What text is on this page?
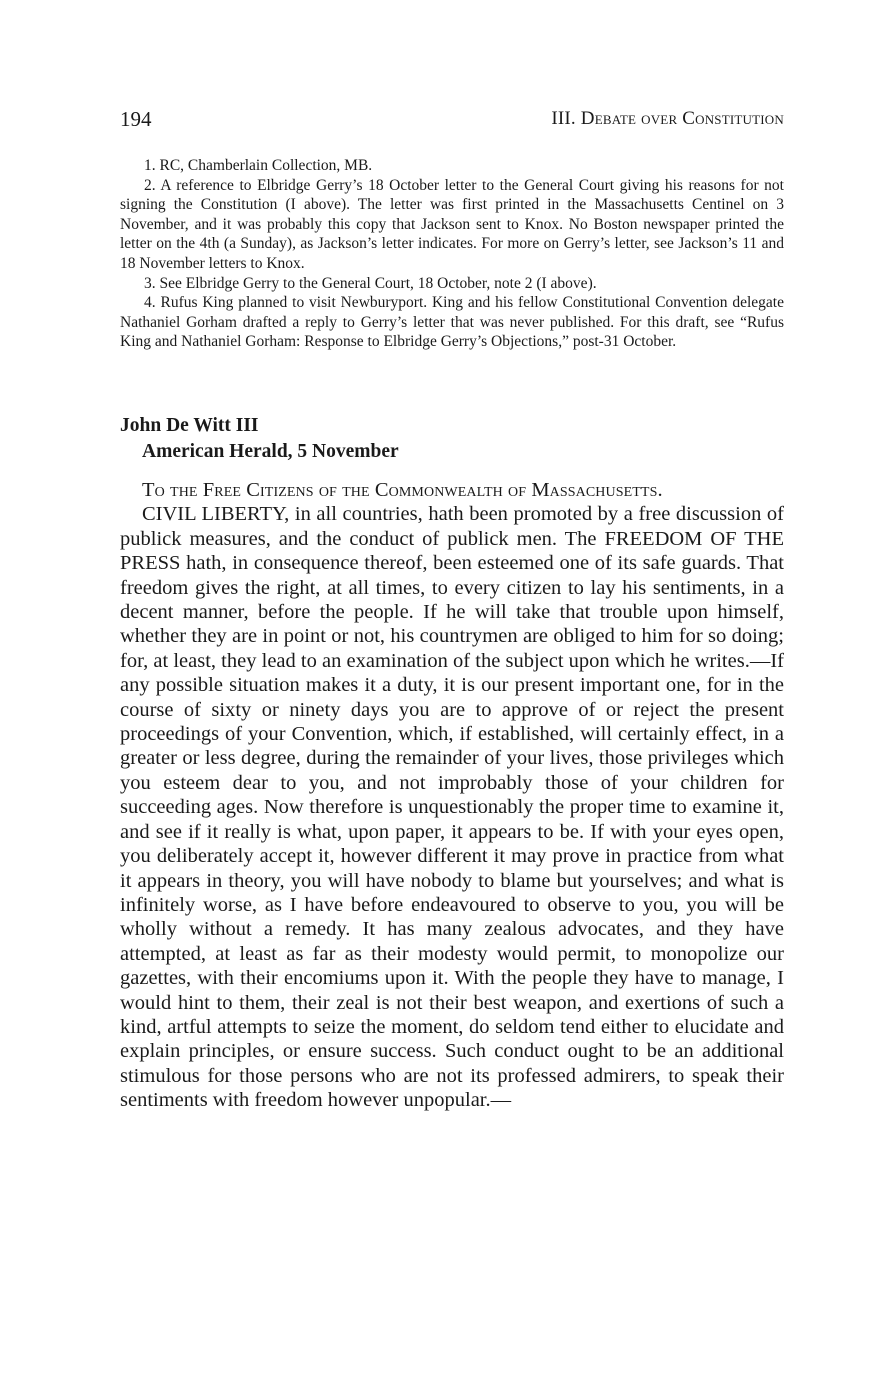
194	III. Debate over Constitution

1. RC, Chamberlain Collection, MB.

2. A reference to Elbridge Gerry’s 18 October letter to the General Court giving his reasons for not signing the Constitution (I above). The letter was first printed in the Massachusetts Centinel on 3 November, and it was probably this copy that Jackson sent to Knox. No Boston newspaper printed the letter on the 4th (a Sunday), as Jackson’s letter indicates. For more on Gerry’s letter, see Jackson’s 11 and 18 November letters to Knox.

3. See Elbridge Gerry to the General Court, 18 October, note 2 (I above).

4. Rufus King planned to visit Newburyport. King and his fellow Constitutional Convention delegate Nathaniel Gorham drafted a reply to Gerry’s letter that was never published. For this draft, see “Rufus King and Nathaniel Gorham: Response to Elbridge Gerry’s Objections,” post-31 October.

John De Witt III

American Herald, 5 November

To the Free Citizens of the Commonwealth of Massachusetts.

CIVIL LIBERTY, in all countries, hath been promoted by a free discussion of publick measures, and the conduct of publick men. The FREEDOM OF THE PRESS hath, in consequence thereof, been esteemed one of its safe guards. That freedom gives the right, at all times, to every citizen to lay his sentiments, in a decent manner, before the people. If he will take that trouble upon himself, whether they are in point or not, his countrymen are obliged to him for so doing; for, at least, they lead to an examination of the subject upon which he writes.—If any possible situation makes it a duty, it is our present important one, for in the course of sixty or ninety days you are to approve of or reject the present proceedings of your Convention, which, if established, will certainly effect, in a greater or less degree, during the remainder of your lives, those privileges which you esteem dear to you, and not improbably those of your children for succeeding ages. Now therefore is unquestionably the proper time to examine it, and see if it really is what, upon paper, it appears to be. If with your eyes open, you deliberately accept it, however different it may prove in practice from what it appears in theory, you will have nobody to blame but yourselves; and what is infinitely worse, as I have before endeavoured to observe to you, you will be wholly without a remedy. It has many zealous advocates, and they have attempted, at least as far as their modesty would permit, to monopolize our gazettes, with their encomiums upon it. With the people they have to manage, I would hint to them, their zeal is not their best weapon, and exertions of such a kind, artful attempts to seize the moment, do seldom tend either to elucidate and explain principles, or ensure success. Such conduct ought to be an additional stimulous for those persons who are not its professed admirers, to speak their sentiments with freedom however unpopular.—
